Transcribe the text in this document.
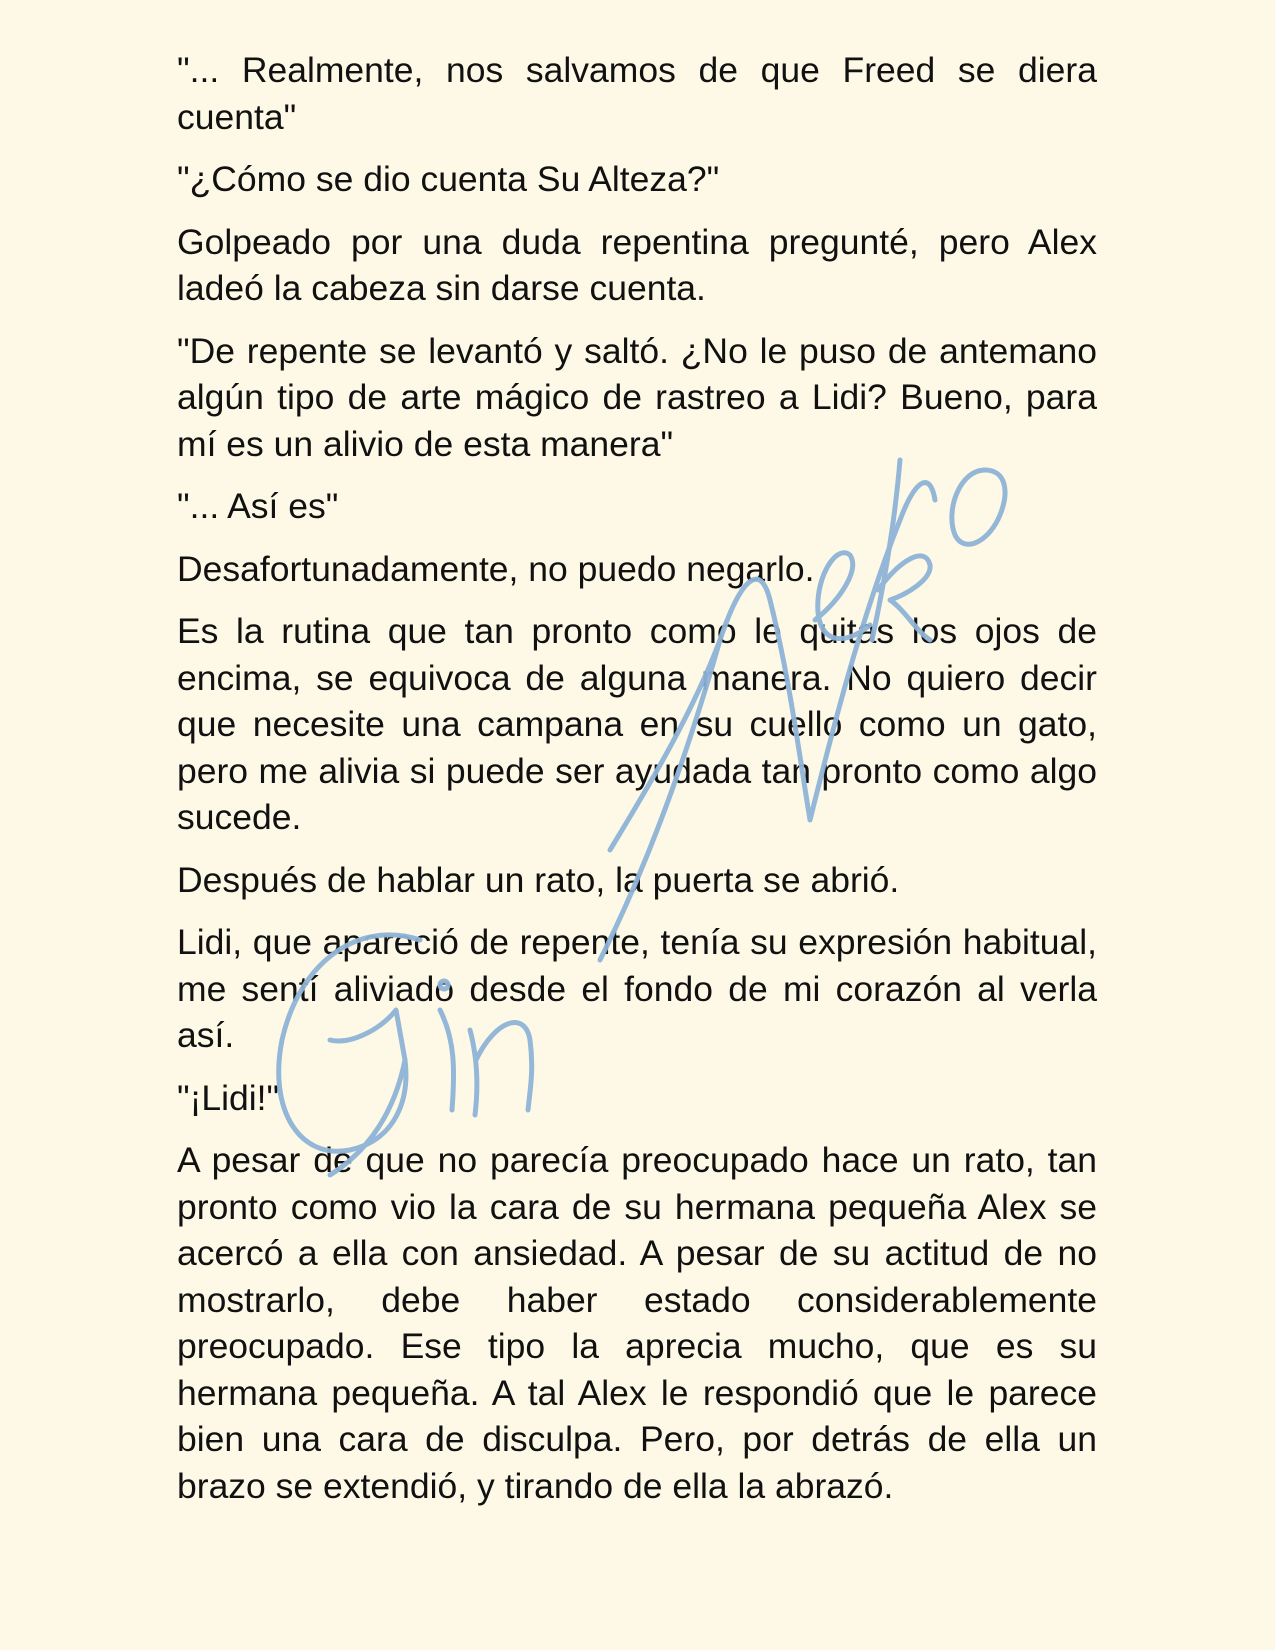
"... Realmente, nos salvamos de que Freed se diera cuenta"

"¿Cómo se dio cuenta Su Alteza?"

Golpeado por una duda repentina pregunté, pero Alex ladeó la cabeza sin darse cuenta.

"De repente se levantó y saltó. ¿No le puso de antemano algún tipo de arte mágico de rastreo a Lidi? Bueno, para mí es un alivio de esta manera"

"... Así es"

Desafortunadamente, no puedo negarlo.

Es la rutina que tan pronto como le quitas los ojos de encima, se equivoca de alguna manera. No quiero decir que necesite una campana en su cuello como un gato, pero me alivia si puede ser ayudada tan pronto como algo sucede.

Después de hablar un rato, la puerta se abrió.

Lidi, que apareció de repente, tenía su expresión habitual, me sentí aliviado desde el fondo de mi corazón al verla así.

"¡Lidi!"

A pesar de que no parecía preocupado hace un rato, tan pronto como vio la cara de su hermana pequeña Alex se acercó a ella con ansiedad. A pesar de su actitud de no mostrarlo, debe haber estado considerablemente preocupado. Ese tipo la aprecia mucho, que es su hermana pequeña. A tal Alex le respondió que le parece bien una cara de disculpa. Pero, por detrás de ella un brazo se extendió, y tirando de ella la abrazó.
